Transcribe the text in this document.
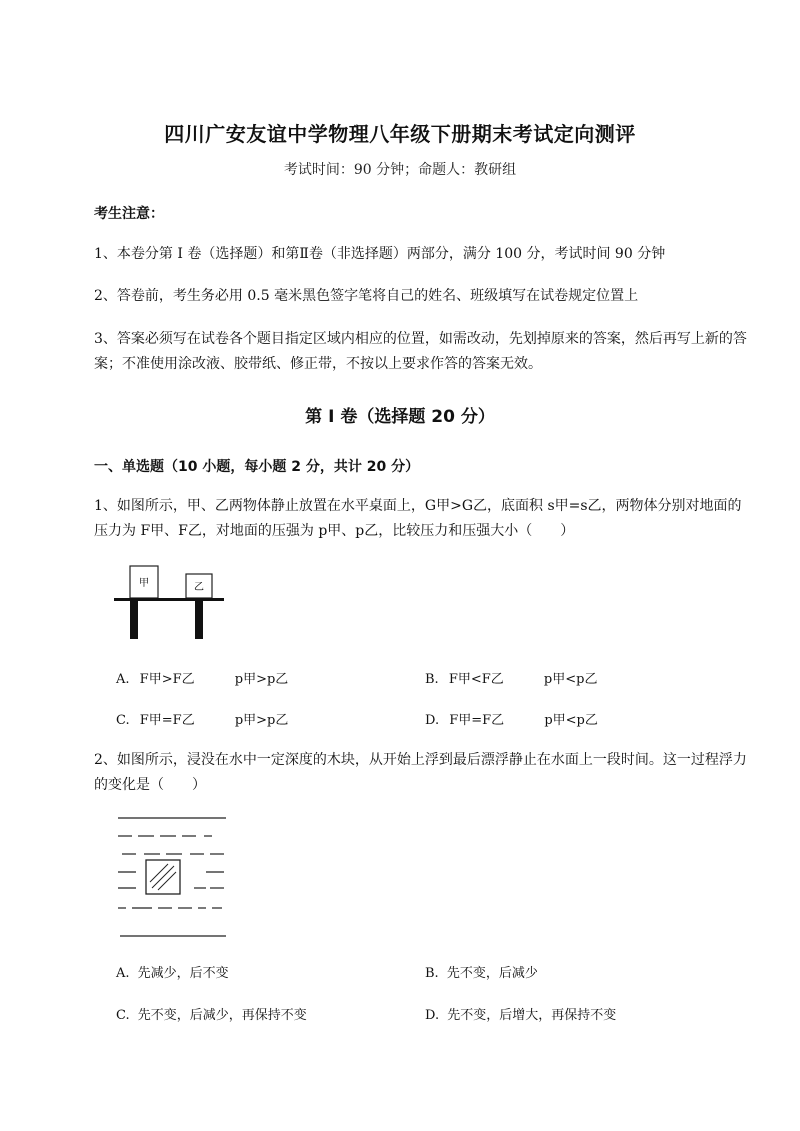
四川广安友谊中学物理八年级下册期末考试定向测评
考试时间：90 分钟；命题人：教研组
考生注意：
1、本卷分第 I 卷（选择题）和第Ⅱ卷（非选择题）两部分，满分 100 分，考试时间 90 分钟
2、答卷前，考生务必用 0.5 毫米黑色签字笔将自己的姓名、班级填写在试卷规定位置上
3、答案必须写在试卷各个题目指定区域内相应的位置，如需改动，先划掉原来的答案，然后再写上新的答案；不准使用涂改液、胶带纸、修正带，不按以上要求作答的答案无效。
第 I 卷（选择题 20 分）
一、单选题（10 小题，每小题 2 分，共计 20 分）
1、如图所示，甲、乙两物体静止放置在水平桌面上，G甲>G乙，底面积 s甲=s乙，两物体分别对地面的压力为 F甲、F乙，对地面的压强为 p甲、p乙，比较压力和压强大小（　　）
甲	乙
A. F甲>F乙	p甲>p乙	B. F甲<F乙	p甲<p乙
C. F甲=F乙	p甲>p乙	D. F甲=F乙	p甲<p乙
2、如图所示，浸没在水中一定深度的木块，从开始上浮到最后漂浮静止在水面上一段时间。这一过程浮力的变化是（　　）
A. 先减少，后不变	B. 先不变，后减少
C. 先不变，后减少，再保持不变	D. 先不变，后增大，再保持不变
